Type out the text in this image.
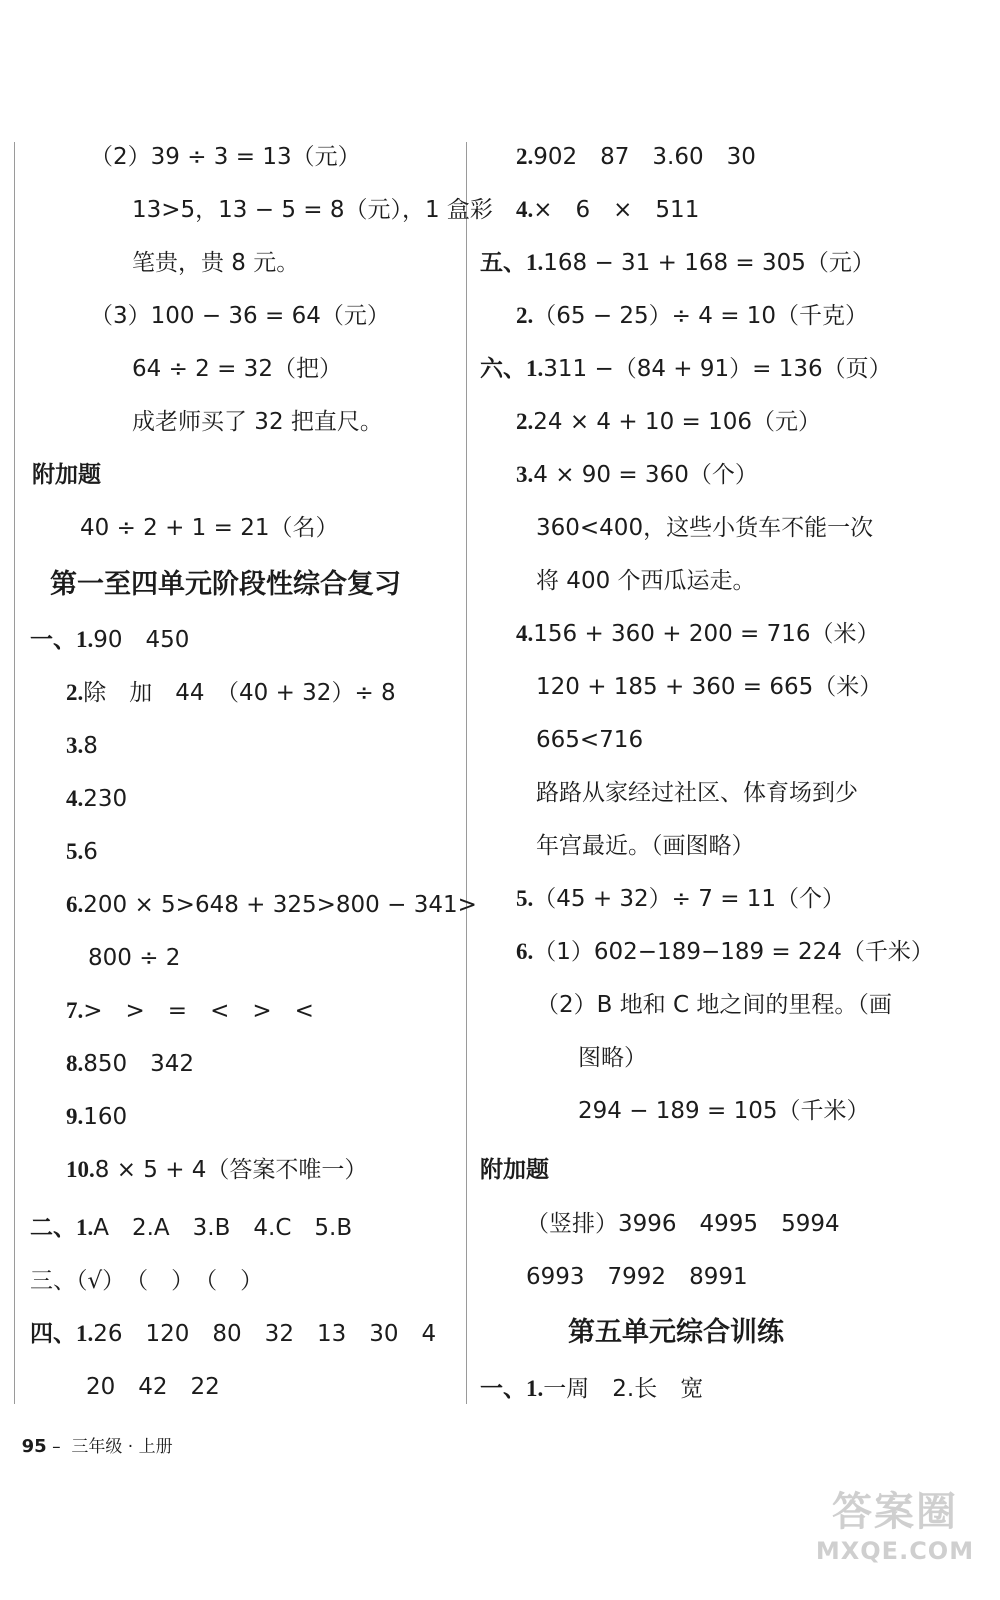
（2）39 ÷ 3 = 13（元）
13>5，13 − 5 = 8（元），1 盒彩
笔贵，贵 8 元。
（3）100 − 36 = 64（元）
64 ÷ 2 = 32（把）
成老师买了 32 把直尺。
附加题
40 ÷ 2 + 1 = 21（名）
第一至四单元阶段性综合复习
一、1.90　450
2.除　加　44　（40 + 32）÷ 8
3.8
4.230
5.6
6.200 × 5>648 + 325>800 − 341>
800 ÷ 2
7.>　>　=　<　>　<
8.850　342
9.160
10.8 × 5 + 4（答案不唯一）
二、1.A　2.A　3.B　4.C　5.B
三、（√）　（　）　（　）
四、1.26　120　80　32　13　30　4
20　42　22
2.902　87　3.60　30
4.×　6　×　511
五、1.168 − 31 + 168 = 305（元）
2.（65 − 25）÷ 4 = 10（千克）
六、1.311 −（84 + 91）= 136（页）
2.24 × 4 + 10 = 106（元）
3.4 × 90 = 360（个）
360<400，这些小货车不能一次
将 400 个西瓜运走。
4.156 + 360 + 200 = 716（米）
120 + 185 + 360 = 665（米）
665<716
路路从家经过社区、体育场到少
年宫最近。（画图略）
5.（45 + 32）÷ 7 = 11（个）
6.（1）602−189−189 = 224（千米）
（2）B 地和 C 地之间的里程。（画
图略）
294 − 189 = 105（千米）
附加题
（竖排）3996　4995　5994
6993　7992　8991
第五单元综合训练
一、1.一周　2.长　宽

95 – 三年级 · 上册

答案圈
MXQE.COM
